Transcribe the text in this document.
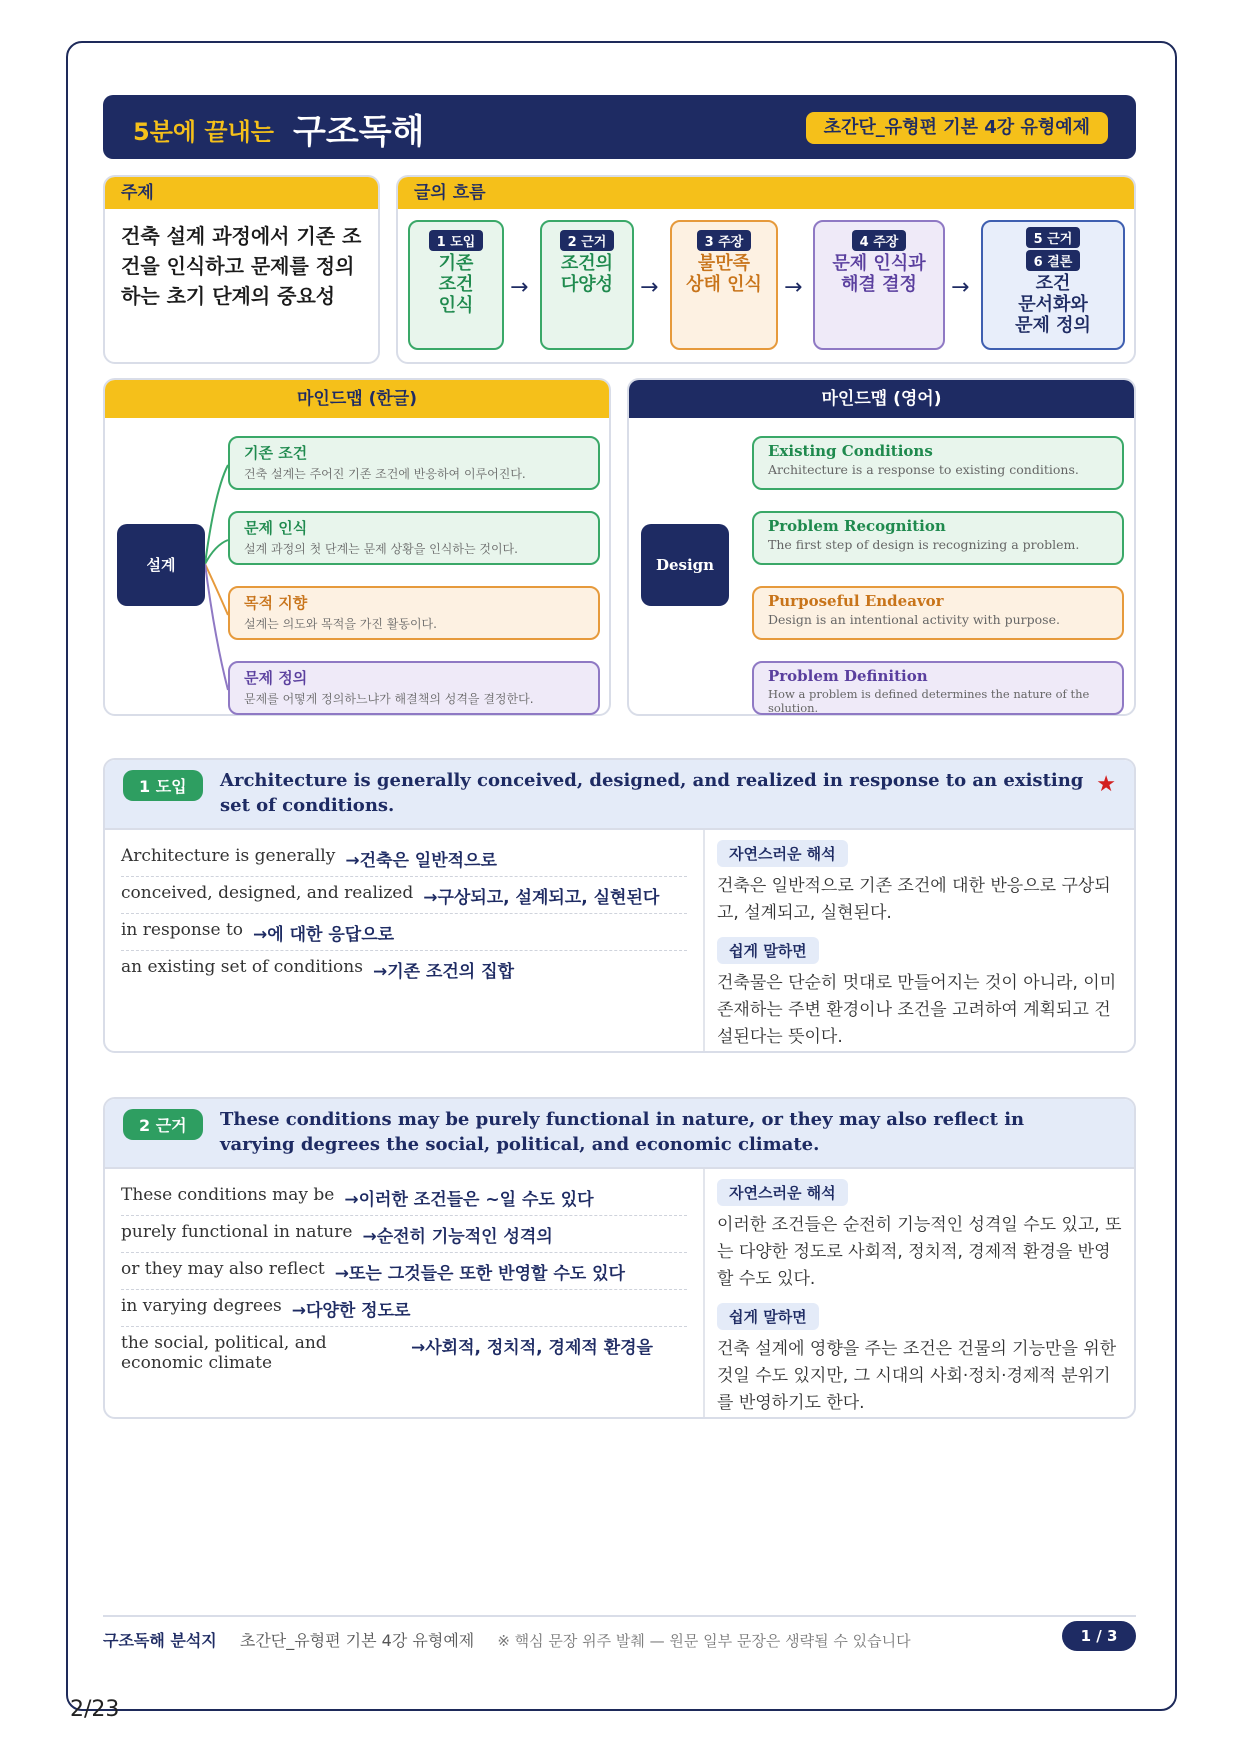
5분에 끝내는 구조독해	초간단_유형편 기본 4강 유형예제
주제
건축 설계 과정에서 기존 조건을 인식하고 문제를 정의하는 초기 단계의 중요성
글의 흐름
1 도입
기존
조건
인식
→
2 근거
조건의
다양성	→
3 주장
불만족
상태 인식	→
4 주장
문제 인식과
해결 결정	→
5 근거
6 결론
조건
문서화와
문제 정의
마인드맵 (한글)
설계
기존 조건
건축 설계는 주어진 기존 조건에 반응하여 이루어진다.
문제 인식
설계 과정의 첫 단계는 문제 상황을 인식하는 것이다.
목적 지향
설계는 의도와 목적을 가진 활동이다.
문제 정의
문제를 어떻게 정의하느냐가 해결책의 성격을 결정한다.
마인드맵 (영어)
Design
Existing Conditions
Architecture is a response to existing conditions.
Problem Recognition
The first step of design is recognizing a problem.
Purposeful Endeavor
Design is an intentional activity with purpose.
Problem Definition
How a problem is defined determines the nature of the solution.
1 도입	Architecture is generally conceived, designed, and realized in response to an existing set of conditions.
★
Architecture is generally →건축은 일반적으로
conceived, designed, and realized →구상되고, 설계되고, 실현된다
in response to →에 대한 응답으로
an existing set of conditions →기존 조건의 집합
자연스러운 해석
건축은 일반적으로 기존 조건에 대한 반응으로 구상되고, 설계되고, 실현된다.
쉽게 말하면
건축물은 단순히 멋대로 만들어지는 것이 아니라, 이미 존재하는 주변 환경이나 조건을 고려하여 계획되고 건설된다는 뜻이다.
2 근거	These conditions may be purely functional in nature, or they may also reflect in varying degrees the social, political, and economic climate.
These conditions may be →이러한 조건들은 ~일 수도 있다
purely functional in nature →순전히 기능적인 성격의
or they may also reflect →또는 그것들은 또한 반영할 수도 있다
in varying degrees →다양한 정도로
the social, political, and economic climate
→사회적, 정치적, 경제적 환경을
자연스러운 해석
이러한 조건들은 순전히 기능적인 성격일 수도 있고, 또는 다양한 정도로 사회적, 정치적, 경제적 환경을 반영할 수도 있다.
쉽게 말하면
건축 설계에 영향을 주는 조건은 건물의 기능만을 위한 것일 수도 있지만, 그 시대의 사회·정치·경제적 분위기를 반영하기도 한다.
구조독해 분석지 초간단_유형편 기본 4강 유형예제 ※ 핵심 문장 위주 발췌 — 원문 일부 문장은 생략될 수 있습니다	1 / 3
2/23
